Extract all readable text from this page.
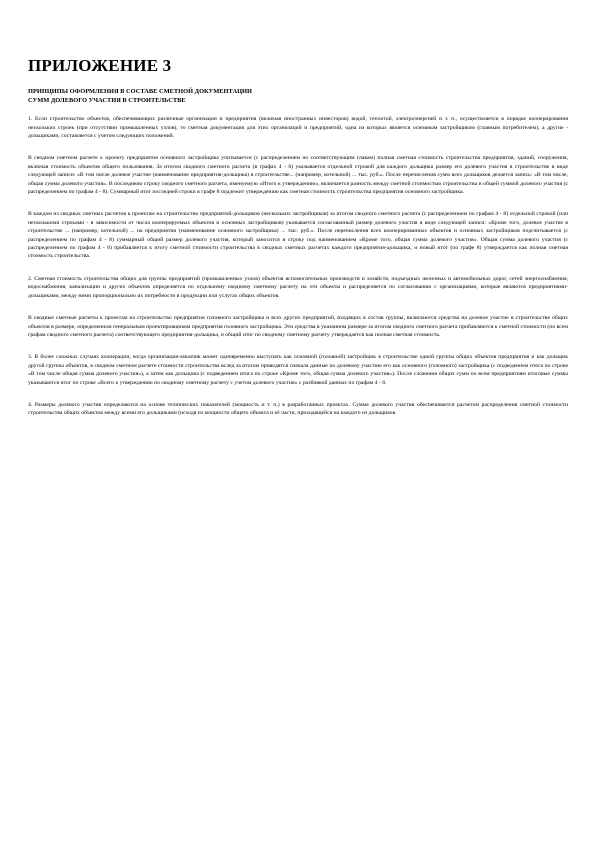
ПРИЛОЖЕНИЕ 3
ПРИНЦИПЫ ОФОРМЛЕНИЯ В СОСТАВЕ СМЕТНОЙ ДОКУМЕНТАЦИИ
СУММ ДОЛЕВОГО УЧАСТИЯ В СТРОИТЕЛЬСТВЕ
1. Если строительство объектов, обеспечивающих различные организации и предприятия (включая иностранных инвесторов) водой, теплотой, электроэнергией и т. п., осуществляется в порядке кооперирования нескольких строек (при отсутствии промышленных узлов), то сметная документация для этих организаций и предприятий, одна из которых является основным застройщиком (главным потребителем), а другие - дольщиками, составляется с учетом следующих положений.
В сводном сметном расчете к проекту предприятия основного застройщика учитывается (с распределением по соответствующим главам) полная сметная стоимость строительства предприятия, зданий, сооружения, включая стоимость объектов общего пользования. За итогом сводного сметного расчета (в графах 4 - 8) указывается отдельной строкой для каждого дольщика размер его долевого участия в строительстве в виде следующей записи: «В том числе долевое участие (наименование предприятия-дольщика) в строительстве... (например, котельной) ... тыс. руб.». После перечисления сумм всех дольщиков делается запись: «В том числе, общая сумма долевого участия». В последнюю строку сводного сметного расчета, именуемую «Итого к утверждению», включается разность между сметной стоимостью строительства и общей суммой долевого участия (с распределением по графам 4 - 8). Суммарный итог последней строки в графе 8 подлежит утверждению как сметная стоимость строительства предприятия основного застройщика.
В каждом из сводных сметных расчетов к проектам на строительство предприятий-дольщиков (нескольких застройщиков) за итогом сводного сметного расчета (с распределением по графам 4 - 8) отдельной строкой (или несколькими строками - в зависимости от числа кооперируемых объектов и основных застройщиков) указывается согласованный размер долевого участия в виде следующей записи: «Кроме того, долевое участие в строительстве ... (например, котельной) ... на предприятии (наименование основного застройщика) ... тыс. руб.». После перечисления всех кооперированных объектов и основных застройщиков подсчитывается (с распределением по графам 4 - 8) суммарный общий размер долевого участия, который заносится в строку под наименованием «Кроме того, общая сумма долевого участия». Общая сумма долевого участия (с распределением по графам 4 - 8) прибавляется к итогу сметной стоимости строительства в сводных сметных расчетах каждого предприятия-дольщика, и новый итог (по графе 8) утверждается как полная сметная стоимость строительства.
2. Сметная стоимость строительства общих для группы предприятий (промышленных узлов) объектов вспомогательных производств и хозяйств, подъездных железных и автомобильных дорог, сетей энергоснабжения, водоснабжения, канализации и других объектов определяется по отдельному сводному сметному расчету на эти объекты и распределяется по согласованию с организациями, которые являются предприятиями-дольщиками, между ними пропорционально их потребности в продукции или услугах общих объектов.
В сводные сметные расчеты к проектам на строительство предприятия головного застройщика и всех других предприятий, входящих в состав группы, включаются средства на долевое участие в строительстве общих объектов в размере, определенном генеральным проектировщиком предприятия головного застройщика. Эти средства в указанном размере за итогом сводного сметного расчета прибавляются к сметной стоимости (по всем графам сводного сметного расчета) соответствующего предприятия-дольщика, и общий итог по сводному сметному расчету утверждается как полная сметная стоимость.
3. В более сложных случаях кооперации, когда организация-заказчик может одновременно выступать как основной (головной) застройщик в строительстве одной группы общих объектов предприятия и как дольщик другой группы объектов, в сводном сметном расчете стоимости строительства вслед за итогом приводятся сначала данные по долевому участию его как основного (головного) застройщика (с подведением итога по строке «В том числе общая сумма долевого участия»), а затем как дольщика (с подведением итога по строке «Кроме того, общая сумма долевого участия»). После сложения общих сумм по всем предприятиям итоговые суммы указываются итог по строке «Всего к утверждению по сводному сметному расчету с учетом долевого участия» с разбивкой данных по графам 4 - 8.
4. Размеры долевого участия определяются на основе технических показателей (мощность и т. п.) в разработанных проектах. Сумма долевого участия обеспечивается расчетом распределения сметной стоимости строительства общих объектов между всеми его дольщиками (исходя из мощности общего объекта и её части, приходящейся на каждого из дольщиков.
